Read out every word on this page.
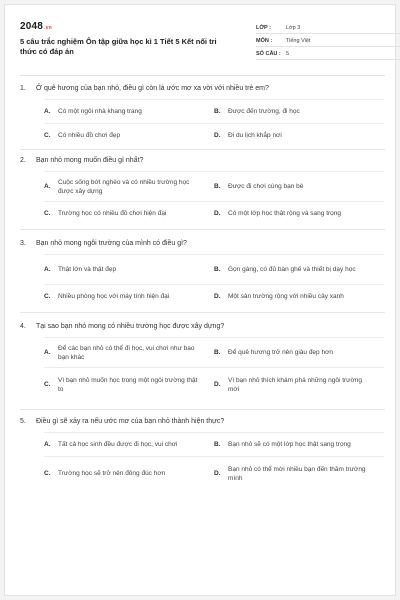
2048.vn
5 câu trắc nghiệm Ôn tập giữa học kì 1 Tiết 5 Kết nối tri thức có đáp án
LỚP :	Lớp 3
MÔN :	Tiếng Việt
SỐ CÂU : 5
1.	Ở quê hương của bạn nhỏ, điều gì còn là ước mơ xa vời với nhiều trẻ em?
A.	Có một ngôi nhà khang trang	B.	Được đến trường, đi học
C.	Có nhiều đồ chơi đẹp	D.	Đi du lịch khắp nơi
2.	Bạn nhỏ mong muốn điều gì nhất?
A.
Cuộc sống bớt nghèo và có nhiều trường học được xây dựng
B.	Được đi chơi cùng bạn bè
C.	Trường học có nhiều đồ chơi hiện đại	D.	Có một lớp học thật rộng và sang trọng
3.	Bạn nhỏ mong ngôi trường của mình có điều gì?
A.	Thật lớn và thật đẹp	B.	Gọn gàng, có đủ bàn ghế và thiết bị dạy học
C.	Nhiều phòng học với máy tính hiện đại	D.	Một sân trường rộng với nhiều cây xanh
4.	Tại sao bạn nhỏ mong có nhiều trường học được xây dựng?
A.
Để các bạn nhỏ có thể đi học, vui chơi như bao bạn khác
B.	Để quê hương trở nên giàu đẹp hơn
C.
Vì bạn nhỏ muốn học trong một ngôi trường thật to
D.
Vì bạn nhỏ thích khám phá những ngôi trường mới
5.	Điều gì sẽ xảy ra nếu ước mơ của bạn nhỏ thành hiện thực?
A.	Tất cả học sinh đều được đi học, vui chơi	B.	Bạn nhỏ sẽ có một lớp học thật sang trọng
C.	Trường học sẽ trở nên đông đúc hơn	D.
Bạn nhỏ có thể mời nhiều bạn đến thăm trường mình
